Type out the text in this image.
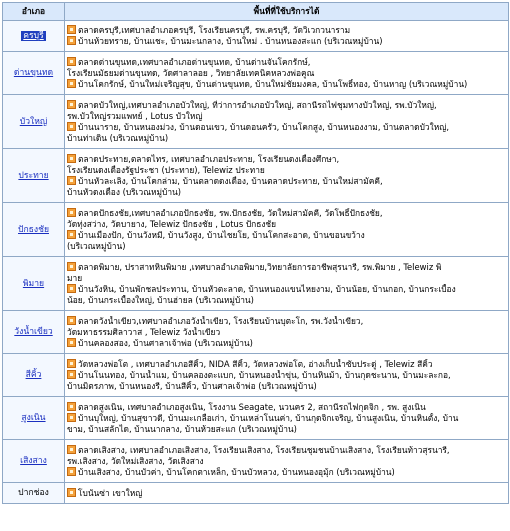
อำเภอ	พื้นที่ที่ใช้บริการได้
ครบุรี	ตลาดครบุรี,เทศบาลอำเภอครบุรี, โรงเรียนครบุรี, รพ.ครบุรี, วัดวิเวกวนาราม
บ้านห้วยทราย, บ้านแชะ, บ้านมะนกลาง, บ้านใหม่ . บ้านหนองสะแก (บริเวณหมู่บ้าน)

ด่านขุนทด	ตลาดด่านขุนทด,เทศบาลอำเภอด่านขุนทด, บ้านด่านจันโคกรักษ์,
โรงเรียนมัธยมด่านขุนทด, วัดศาลาลอย , วิทยาลัยเทคนิคหลวงพ่อคูณ
บ้านโคกรักษ์, บ้านใหม่เจริญสุข, บ้านด่านขุนทด, บ้านใหม่ชัยมงคล, บ้านโพธิ์ทอง, บ้านหาญ (บริเวณหมู่บ้าน)

บัวใหญ่	ตลาดบัวใหญ่,เทศบาลอำเภอบัวใหญ่, ที่ว่าการอำเภอบัวใหญ่, สถานีรถไฟชุมทางบัวใหญ่, รพ.บัวใหญ่,
รพ.บัวใหญ่รวมแพทย์ , Lotus บัวใหญ่
บ้านนาราย, บ้านหนองม่วง, บ้านดอนเขว, บ้านดอนครัว, บ้านโคกสูง, บ้านหนองงาม, บ้านตลาดบัวใหญ่,
บ้านท่าเดิน (บริเวณหมู่บ้าน)

ประทาย	ตลาดประทาย,ตลาดไทร, เทศบาลอำเภอประทาย, โรงเรียนดงเดื่องศึกษา,
โรงเรียนดงเดื่องรัฐประชา (ประทาย), Telewiz ประทาย
บ้านหัวละเลิง, บ้านโคกล่าม, บ้านตลาดดงเดื่อง, บ้านตลาดประทาย, บ้านใหม่สามัคคี,
บ้านหัวดงเดื่อง (บริเวณหมู่บ้าน)

ปักธงชัย	ตลาดปักธงชัย,เทศบาลอำเภอปักธงชัย, รพ.ปักธงชัย, วัดใหม่สามัคคี, วัดโพธิ์ปักธงชัย,
วัดทุ่งสว่าง, วัดบายาง, Telewiz ปักธงชัย , Lotus ปักธงชัย
บ้านเมืองปัก, บ้านวังหมี, บ้านวังสูง, บ้านไชยโย, บ้านโคกสะอาด, บ้านขอนขว้าง
(บริเวณหมู่บ้าน)

พิมาย	ตลาดพิมาย, ปราสาทหินพิมาย ,เทศบาลอำเภอพิมาย,วิทยาลัยการอาชีพสุรนารี, รพ.พิมาย , Telewiz พิ
มาย
บ้านวังหิน, บ้านพักชลประทาน, บ้านหัวตะลาด, บ้านหนองแขนไหยงาม, บ้านน้อย, บ้านกอก, บ้านกระเบื้อง
น้อย, บ้านกระเบื้องใหญ่, บ้านฮ่ายล (บริเวณหมู่บ้าน)

วังน้ำเขียว	ตลาดวังน้ำเขียว,เทศบาลอำเภอวังน้ำเขียว, โรงเรียนบ้านบุตะโก, รพ.วังน้ำเขียว,
วัดมหาธรรมศิลาวาส , Telewiz วังน้ำเขียว
บ้านคลองสอง, บ้านศาลาเจ้าพ่อ (บริเวณหมู่บ้าน)

สีคิ้ว	วัดหลวงพ่อโต , เทศบาลอำเภอสีคิ้ว, NIDA สีคิ้ว, วัดหลวงพ่อโต, อ่างเก็บน้ำซับประดู่ , Telewiz สีคิ้ว
บ้านโนนทอง, บ้านน้ำแม, บ้านคลองตะแบก, บ้านหนองน้ำขุ่น, บ้านหินม้า, บ้านกุดชะนาน, บ้านมะละกอ,
บ้านมิตรภาพ, บ้านหนองรี, บ้านสีคิ้ว, บ้านศาลเจ้าพ่อ (บริเวณหมู่บ้าน)

สูงเนิน	ตลาดสูงเนิน, เทศบาลอำเภอสูงเนิน, โรงงาน Seagate, นวนคร 2, สถานีรถไฟกุดจิก , รพ. สูงเนิน
บ้านบุใหญ่, บ้านสุขาวดี, บ้านมะเกลือเก่า, บ้านเหล่าโนนค่า, บ้านกุดจิกเจริญ, บ้านสูงเนิน, บ้านหินตั้ง, บ้าน
ขาม, บ้านสลักได, บ้านนากลาง, บ้านห้วยสะแก (บริเวณหมู่บ้าน)

เสิงสาง	ตลาดเสิงสาง, เทศบาลอำเภอเสิงสาง, โรงเรียนเสิงสาง, โรงเรียนชุมชนบ้านเสิงสาง, โรงเรียนท้าวสุรนารี,
รพ.เสิงสาง, วัดใหม่เสิงสาง, วัดเสิงสาง
บ้านเสิงสาง, บ้านบัวค่า, บ้านโคกตาเหล็ก, บ้านบัวหลวง, บ้านหนองอุมุ้ก (บริเวณหมู่บ้าน)

ปากช่อง	โบนันซ่า เขาใหญ่
